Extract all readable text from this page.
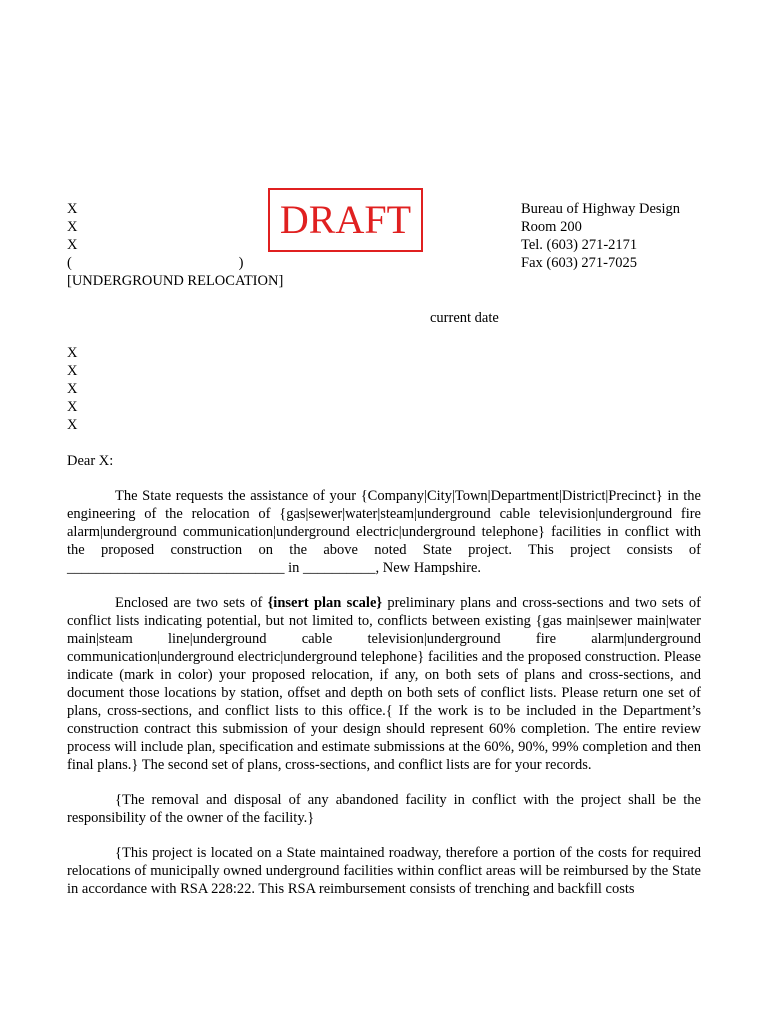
X
X
X
(                                              )
[UNDERGROUND RELOCATION]
DRAFT	Bureau of Highway Design
Room 200
Tel. (603) 271-2171
Fax (603) 271-7025
current date
X
X
X
X
X
Dear X:

The State requests the assistance of your {Company|City|Town|Department|District|Precinct} in the engineering of the relocation of {gas|sewer|water|steam|underground cable television|underground fire alarm|underground communication|underground electric|underground telephone} facilities in conflict with the proposed construction on the above noted State project. This project consists of ______________________________ in __________, New Hampshire.

Enclosed are two sets of {insert plan scale} preliminary plans and cross-sections and two sets of conflict lists indicating potential, but not limited to, conflicts between existing {gas main|sewer main|water main|steam line|underground cable television|underground fire alarm|underground communication|underground electric|underground telephone} facilities and the proposed construction. Please indicate (mark in color) your proposed relocation, if any, on both sets of plans and cross-sections, and document those locations by station, offset and depth on both sets of conflict lists. Please return one set of plans, cross-sections, and conflict lists to this office.{ If the work is to be included in the Department’s construction contract this submission of your design should represent 60% completion. The entire review process will include plan, specification and estimate submissions at the 60%, 90%, 99% completion and then final plans.} The second set of plans, cross-sections, and conflict lists are for your records.

{The removal and disposal of any abandoned facility in conflict with the project shall be the responsibility of the owner of the facility.}

{This project is located on a State maintained roadway, therefore a portion of the costs for required relocations of municipally owned underground facilities within conflict areas will be reimbursed by the State in accordance with RSA 228:22. This RSA reimbursement consists of trenching and backfill costs
